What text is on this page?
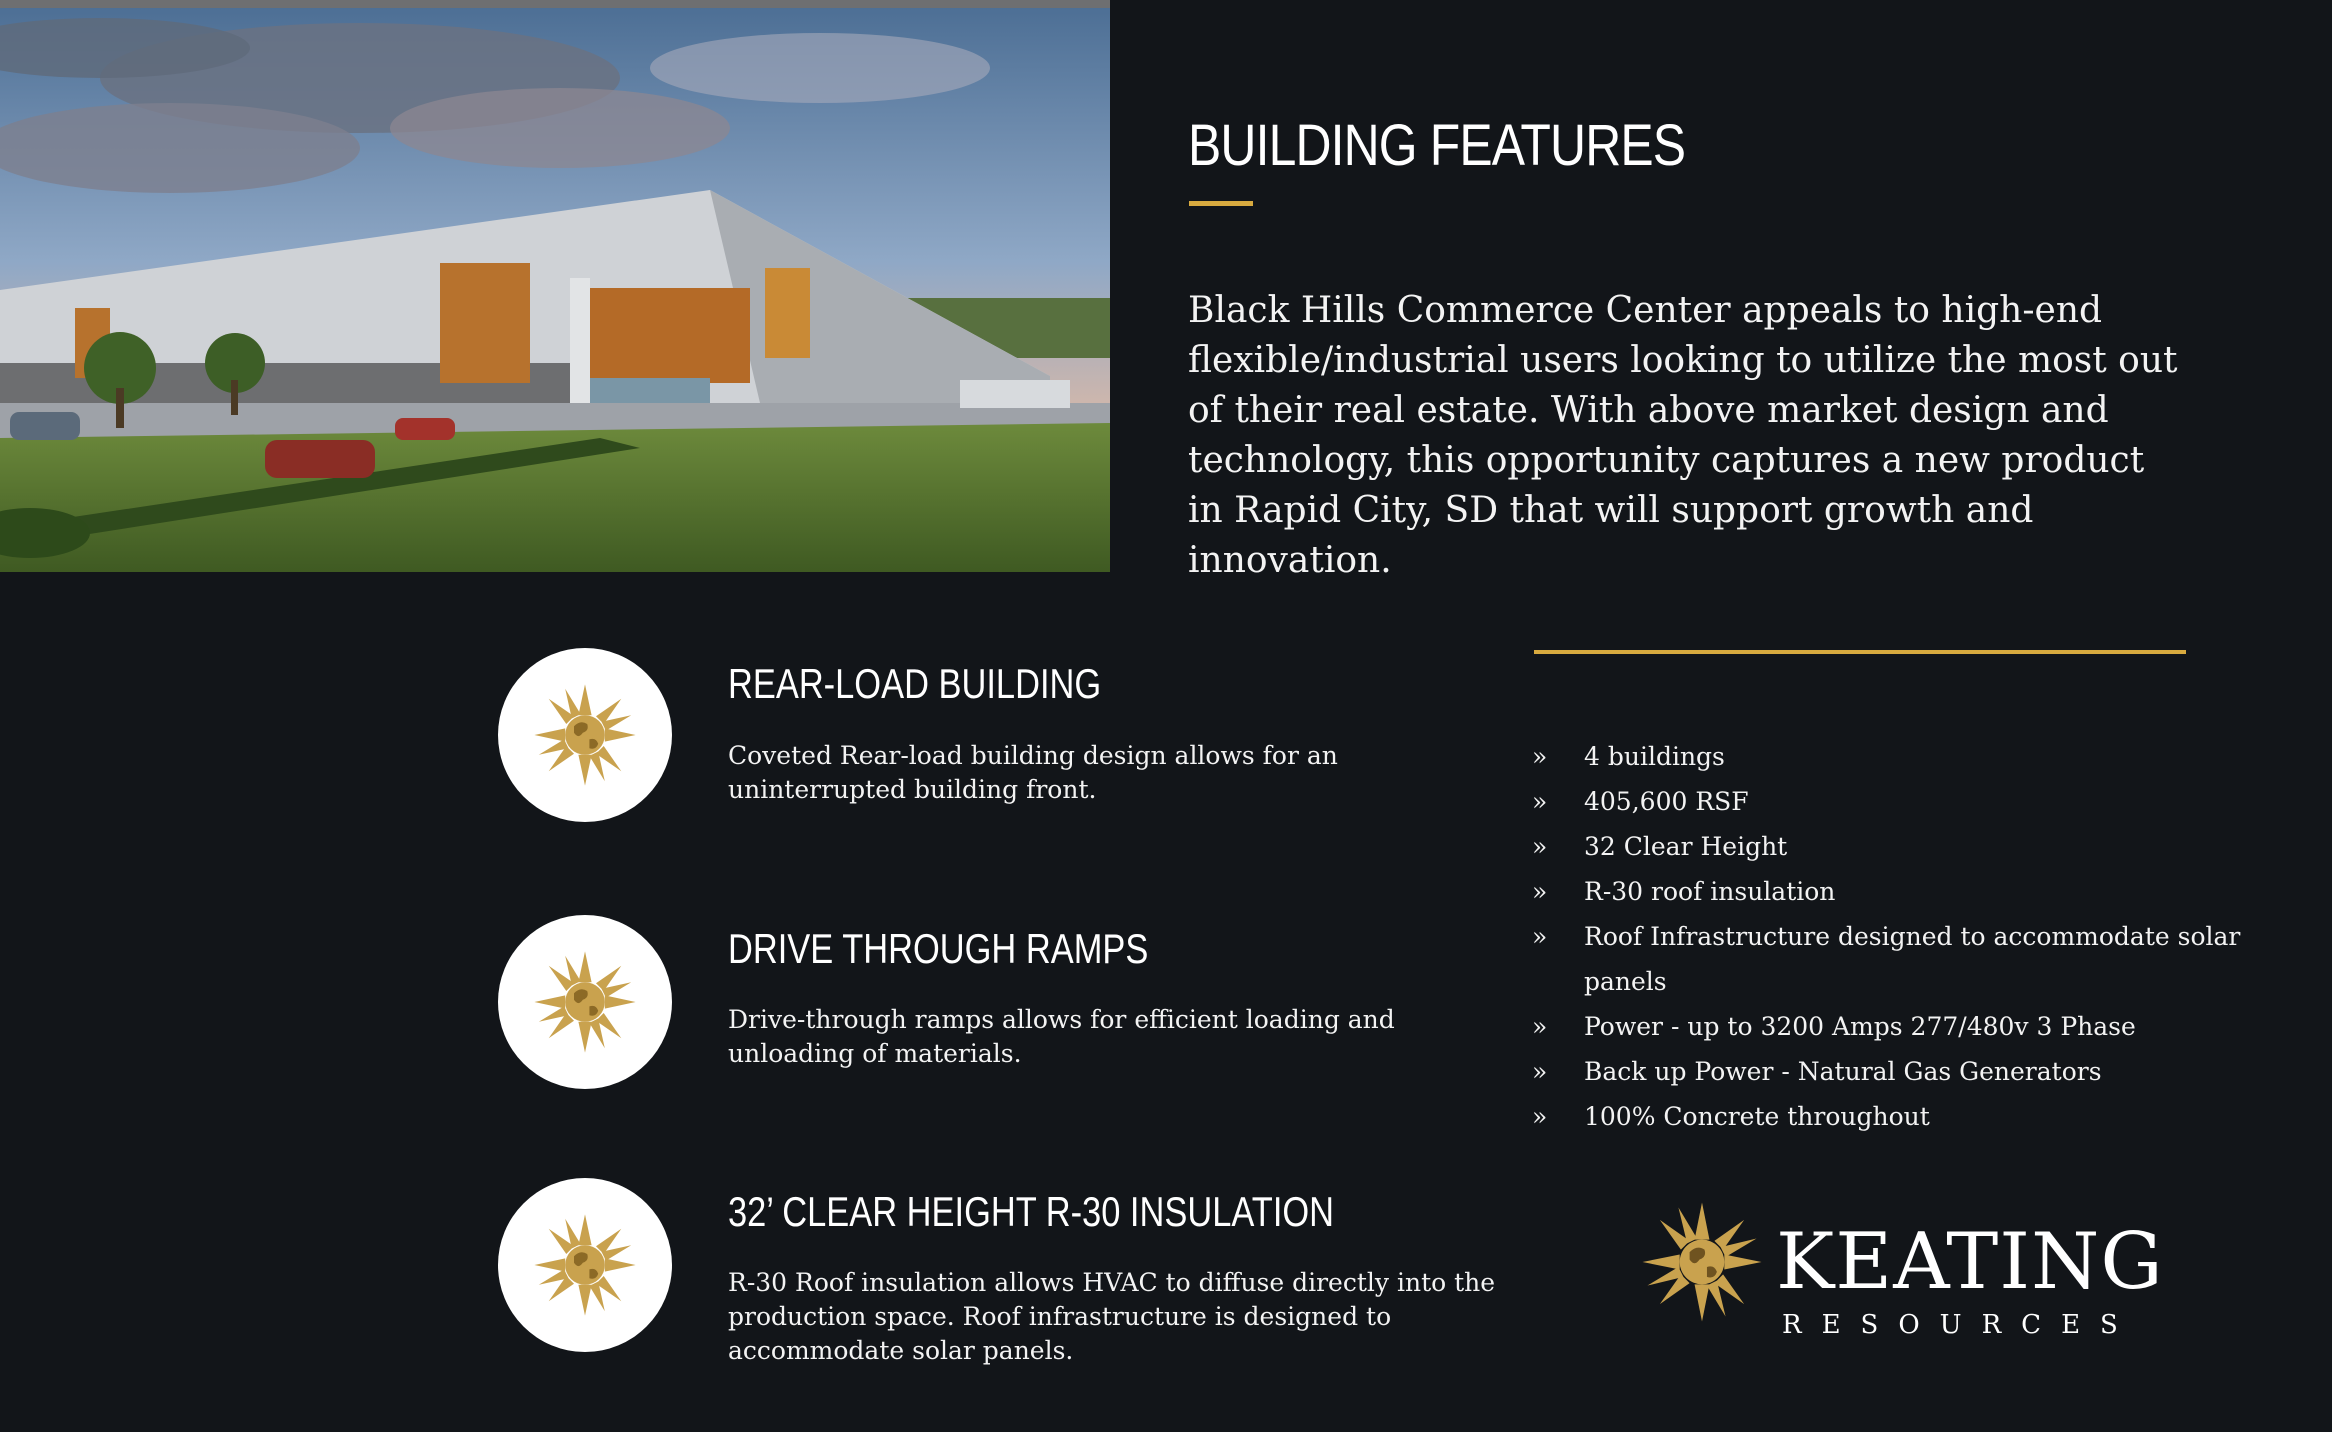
BUILDING FEATURES

Black Hills Commerce Center appeals to high-end flexible/industrial users looking to utilize the most out of their real estate. With above market design and technology, this opportunity captures a new product in Rapid City, SD that will support growth and innovation.

REAR-LOAD BUILDING

Coveted Rear-load building design allows for an uninterrupted building front.

DRIVE THROUGH RAMPS

Drive-through ramps allows for efficient loading and unloading of materials.

32’ CLEAR HEIGHT R-30 INSULATION

R-30 Roof insulation allows HVAC to diffuse directly into the production space. Roof infrastructure is designed to accommodate solar panels.

» 4 buildings
» 405,600 RSF
» 32 Clear Height
» R-30 roof insulation
» Roof Infrastructure designed to accommodate solar panels
» Power - up to 3200 Amps 277/480v 3 Phase
» Back up Power - Natural Gas Generators
» 100% Concrete throughout
KEATING
RESOURCES
